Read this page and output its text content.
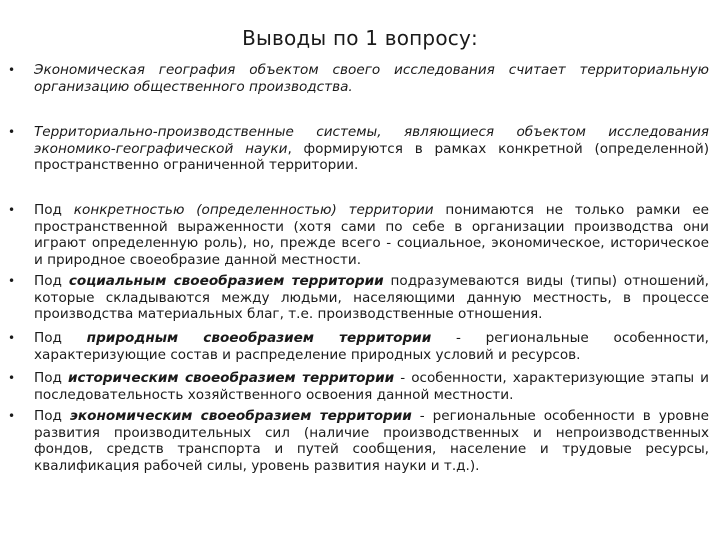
Выводы по 1 вопросу:
• Экономическая география объектом своего исследования считает территориальную организацию общественного производства.
• Территориально-производственные системы, являющиеся объектом исследования экономико-географической науки, формируются в рамках конкретной (определенной) пространственно ограниченной территории.
• Под конкретностью (определенностью) территории понимаются не только рамки ее пространственной выраженности (хотя сами по себе в организации производства они играют определенную роль), но, прежде всего - социальное, экономическое, историческое и природное своеобразие данной местности.
• Под социальным своеобразием территории подразумеваются виды (типы) отношений, которые складываются между людьми, населяющими данную местность, в процессе производства материальных благ, т.е. производственные отношения.
• Под природным своеобразием территории - региональные особенности, характеризующие состав и распределение природных условий и ресурсов.
• Под историческим своеобразием территории - особенности, характеризующие этапы и последовательность хозяйственного освоения данной местности.
• Под экономическим своеобразием территории - региональные особенности в уровне развития производительных сил (наличие производственных и непроизводственных фондов, средств транспорта и путей сообщения, население и трудовые ресурсы, квалификация рабочей силы, уровень развития науки и т.д.).
